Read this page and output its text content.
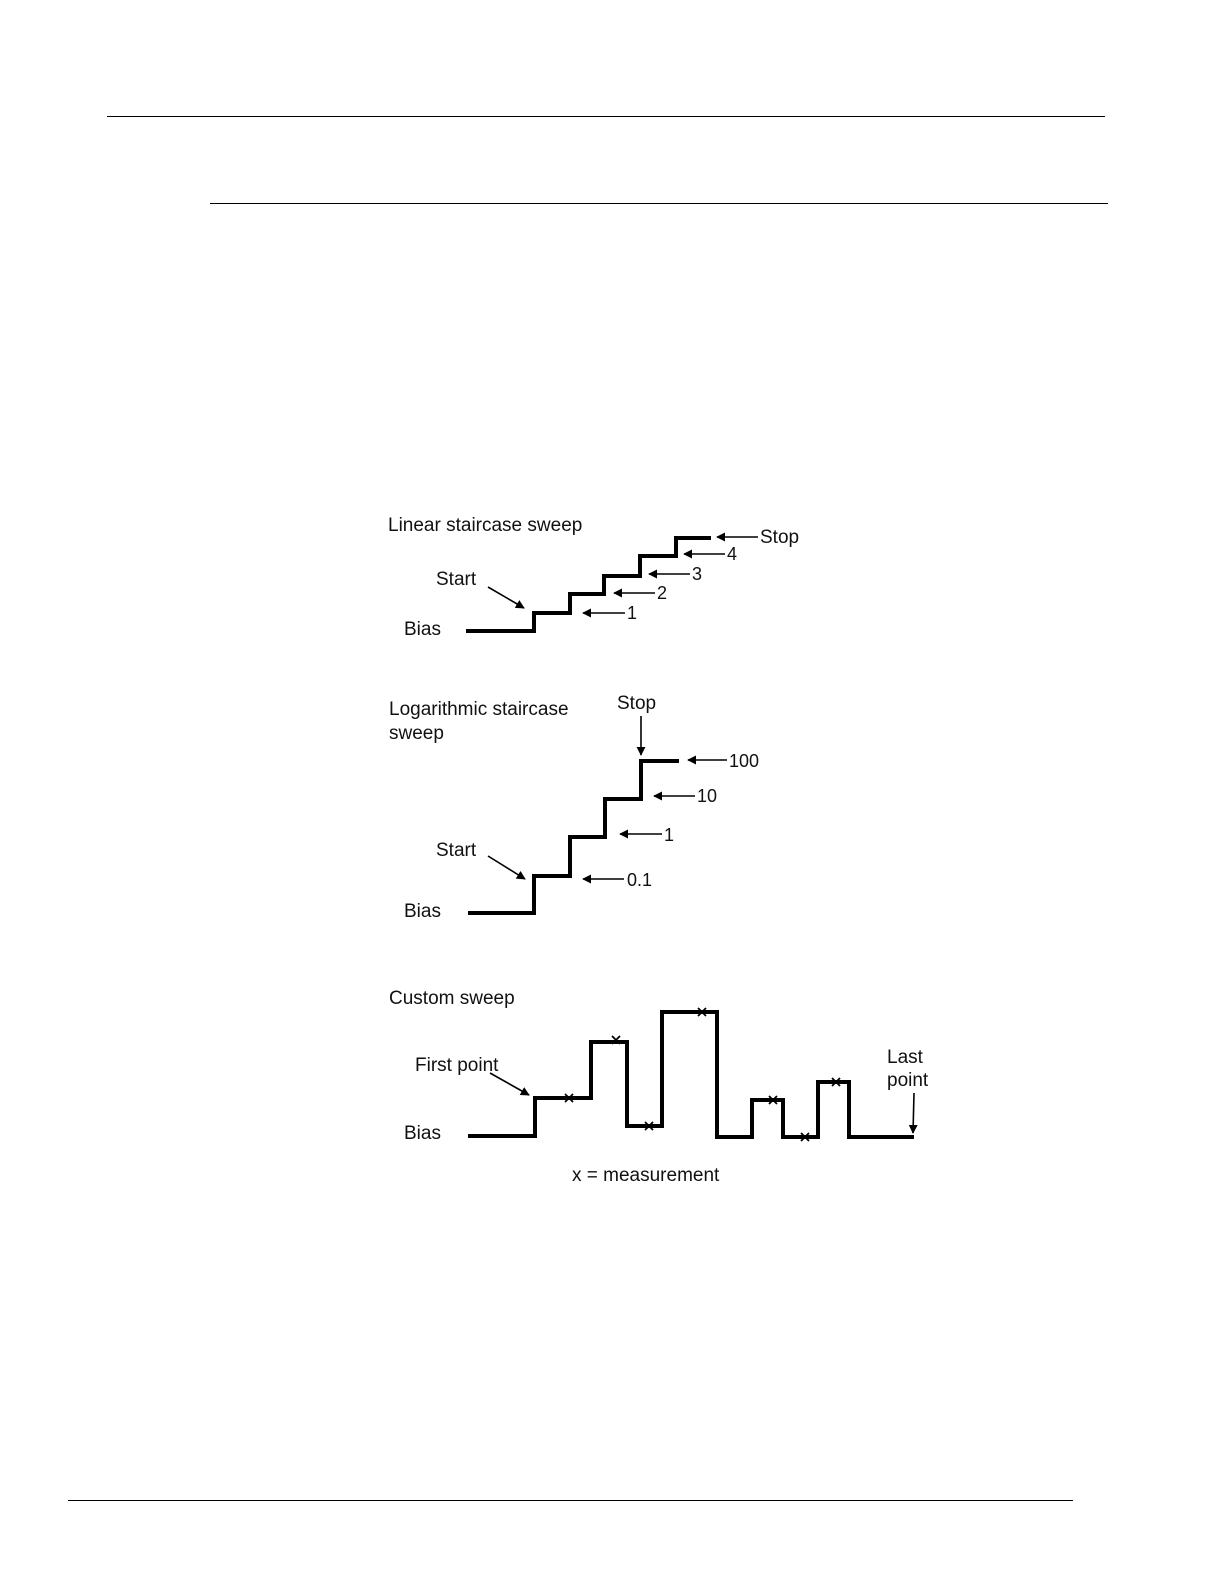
Linear staircase sweep
Start
Bias
Stop
1
2
3
4
Logarithmic staircase
sweep
Stop
Start
Bias
0.1
1
10
100
Custom sweep
First point	Last
point
Bias
x = measurement
